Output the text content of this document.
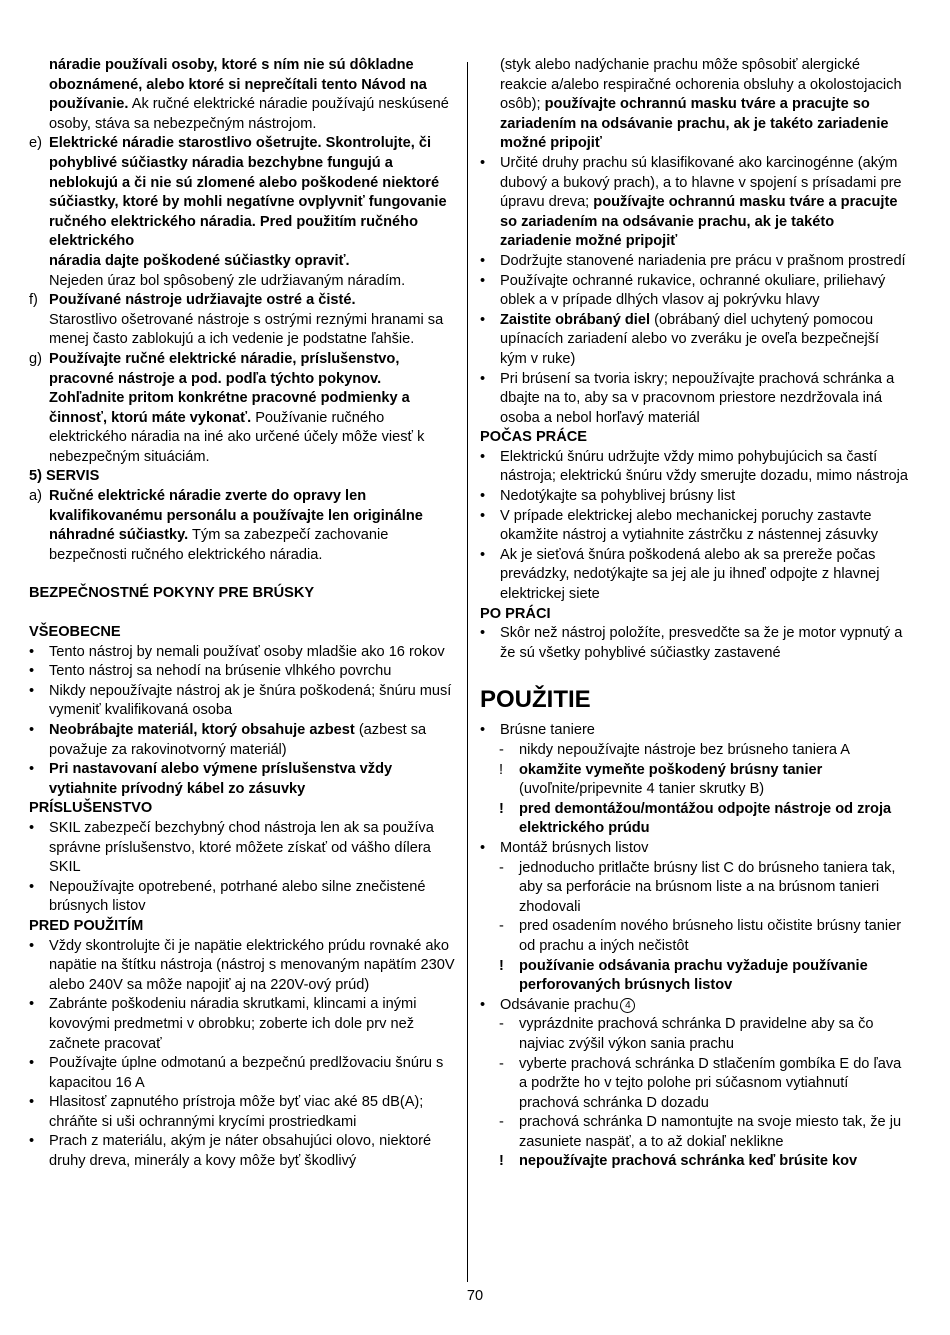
náradie používali osoby, ktoré s ním nie sú dôkladne oboznámené, alebo ktoré si neprečítali tento Návod na používanie. Ak ručné elektrické náradie používajú neskúsené osoby, stáva sa nebezpečným nástrojom.

e) Elektrické náradie starostlivo ošetrujte. Skontrolujte, či pohyblivé súčiastky náradia bezchybne fungujú a neblokujú a či nie sú zlomené alebo poškodené niektoré súčiastky, ktoré by mohli negatívne ovplyvniť fungovanie ručného elektrického náradia. Pred použitím ručného elektrického

náradia dajte poškodené súčiastky opraviť.

Nejeden úraz bol spôsobený zle udržiavaným náradím.

f) Používané nástroje udržiavajte ostré a čisté.

Starostlivo ošetrované nástroje s ostrými reznými hranami sa menej často zablokujú a ich vedenie je podstatne ľahšie.

g) Používajte ručné elektrické náradie, príslušenstvo, pracovné nástroje a pod. podľa týchto pokynov. Zohľadnite pritom konkrétne pracovné podmienky a činnosť, ktorú máte vykonať. Používanie ručného elektrického náradia na iné ako určené účely môže viesť k nebezpečným situáciám.

5) SERVIS

a) Ručné elektrické náradie zverte do opravy len kvalifikovanému personálu a používajte len originálne náhradné súčiastky. Tým sa zabezpečí zachovanie bezpečnosti ručného elektrického náradia.

BEZPEČNOSTNÉ POKYNY PRE BRÚSKY

VŠEOBECNE

• Tento nástroj by nemali používať osoby mladšie ako 16 rokov

• Tento nástroj sa nehodí na brúsenie vlhkého povrchu

• Nikdy nepoužívajte nástroj ak je šnúra poškodená; šnúru musí vymeniť kvalifikovaná osoba

• Neobrábajte materiál, ktorý obsahuje azbest (azbest sa považuje za rakovinotvorný materiál)

• Pri nastavovaní alebo výmene príslušenstva vždy vytiahnite prívodný kábel zo zásuvky

PRÍSLUŠENSTVO

• SKIL zabezpečí bezchybný chod nástroja len ak sa používa správne príslušenstvo, ktoré môžete získať od vášho dílera SKIL

• Nepoužívajte opotrebené, potrhané alebo silne znečistené brúsnych listov

PRED POUŽITÍM

• Vždy skontrolujte či je napätie elektrického prúdu rovnaké ako napätie na štítku nástroja (nástroj s menovaným napätím 230V alebo 240V sa môže napojiť aj na 220V-ový prúd)

• Zabránte poškodeniu náradia skrutkami, klincami a inými kovovými predmetmi v obrobku; zoberte ich dole prv než začnete pracovať

• Používajte úplne odmotanú a bezpečnú predlžovaciu šnúru s kapacitou 16 A

• Hlasitosť zapnutého prístroja môže byť viac aké 85 dB(A); chráňte si uši ochrannými krycími prostriedkami

• Prach z materiálu, akým je náter obsahujúci olovo, niektoré druhy dreva, minerály a kovy môže byť škodlivý

(styk alebo nadýchanie prachu môže spôsobiť alergické reakcie a/alebo respiračné ochorenia obsluhy a okolostojacich osôb); používajte ochrannú masku tváre a pracujte so zariadením na odsávanie prachu, ak je takéto zariadenie možné pripojiť

• Určité druhy prachu sú klasifikované ako karcinogénne (akým dubový a bukový prach), a to hlavne v spojení s prísadami pre úpravu dreva; používajte ochrannú masku tváre a pracujte so zariadením na odsávanie prachu, ak je takéto zariadenie možné pripojiť

• Dodržujte stanovené nariadenia pre prácu v prašnom prostredí

• Používajte ochranné rukavice, ochranné okuliare, priliehavý oblek a v prípade dlhých vlasov aj pokrývku hlavy

• Zaistite obrábaný diel (obrábaný diel uchytený pomocou upínacích zariadení alebo vo zveráku je oveľa bezpečnejší kým v ruke)

• Pri brúsení sa tvoria iskry; nepoužívajte prachová schránka a dbajte na to, aby sa v pracovnom priestore nezdržovala iná osoba a nebol horľavý materiál

POČAS PRÁCE

• Elektrickú šnúru udržujte vždy mimo pohybujúcich sa častí nástroja; elektrickú šnúru vždy smerujte dozadu, mimo nástroja

• Nedotýkajte sa pohyblivej brúsny list

• V prípade elektrickej alebo mechanickej poruchy zastavte okamžite nástroj a vytiahnite zástrčku z nástennej zásuvky

• Ak je sieťová šnúra poškodená alebo ak sa prereže počas prevádzky, nedotýkajte sa jej ale ju ihneď odpojte z hlavnej elektrickej siete

PO PRÁCI

• Skôr než nástroj položíte, presvedčte sa že je motor vypnutý a že sú všetky pohyblivé súčiastky zastavené

POUŽITIE

• Brúsne taniere

- nikdy nepoužívajte nástroje bez brúsneho taniera A

! okamžite vymeňte poškodený brúsny tanier

(uvoľnite/pripevnite 4 tanier skrutky B)

! pred demontážou/montážou odpojte nástroje od zroja elektrického prúdu

• Montáž brúsnych listov

- jednoducho pritlačte brúsny list C do brúsneho taniera tak, aby sa perforácie na brúsnom liste a na brúsnom tanieri zhodovali

- pred osadením nového brúsneho listu očistite brúsny tanier od prachu a iných nečistôt

! používanie odsávania prachu vyžaduje používanie perforovaných brúsnych listov

• Odsávanie prachu 4

- vyprázdnite prachová schránka D pravidelne aby sa čo najviac zvýšil výkon sania prachu

- vyberte prachová schránka D stlačením gombíka E do ľava a podržte ho v tejto polohe pri súčasnom vytiahnutí prachová schránka D dozadu

- prachová schránka D namontujte na svoje miesto tak, že ju zasuniete naspäť, a to až dokiaľ neklikne

! nepoužívajte prachová schránka keď brúsite kov

70
